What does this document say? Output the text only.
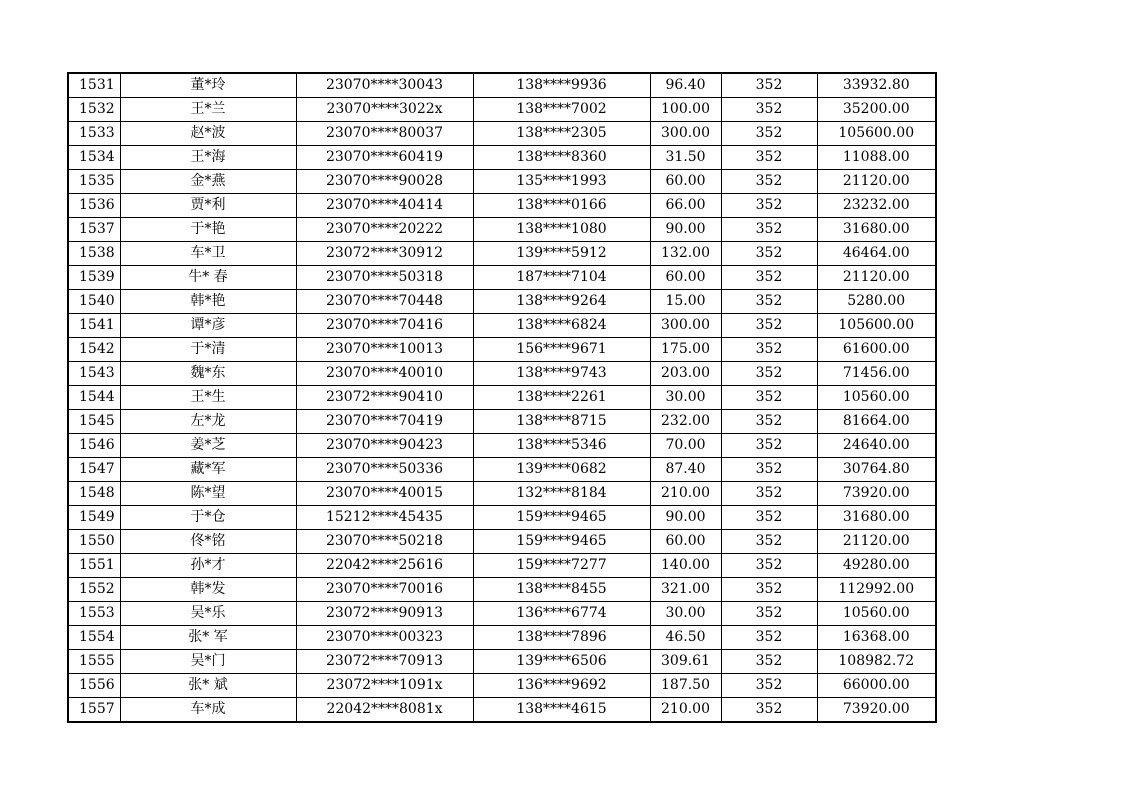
1531	董*玲	23070****30043	138****9936	96.40	352	33932.80
1532	王*兰	23070****3022x	138****7002	100.00	352	35200.00
1533	赵*波	23070****80037	138****2305	300.00	352	105600.00
1534	王*海	23070****60419	138****8360	31.50	352	11088.00
1535	金*燕	23070****90028	135****1993	60.00	352	21120.00
1536	贾*利	23070****40414	138****0166	66.00	352	23232.00
1537	于*艳	23070****20222	138****1080	90.00	352	31680.00
1538	车*卫	23072****30912	139****5912	132.00	352	46464.00
1539	牛* 春	23070****50318	187****7104	60.00	352	21120.00
1540	韩*艳	23070****70448	138****9264	15.00	352	5280.00
1541	谭*彦	23070****70416	138****6824	300.00	352	105600.00
1542	于*清	23070****10013	156****9671	175.00	352	61600.00
1543	魏*东	23070****40010	138****9743	203.00	352	71456.00
1544	王*生	23072****90410	138****2261	30.00	352	10560.00
1545	左*龙	23070****70419	138****8715	232.00	352	81664.00
1546	姜*芝	23070****90423	138****5346	70.00	352	24640.00
1547	藏*军	23070****50336	139****0682	87.40	352	30764.80
1548	陈*望	23070****40015	132****8184	210.00	352	73920.00
1549	于*仓	15212****45435	159****9465	90.00	352	31680.00
1550	佟*铭	23070****50218	159****9465	60.00	352	21120.00
1551	孙*才	22042****25616	159****7277	140.00	352	49280.00
1552	韩*发	23070****70016	138****8455	321.00	352	112992.00
1553	吴*乐	23072****90913	136****6774	30.00	352	10560.00
1554	张* 军	23070****00323	138****7896	46.50	352	16368.00
1555	吴*门	23072****70913	139****6506	309.61	352	108982.72
1556	张* 斌	23072****1091x	136****9692	187.50	352	66000.00
1557	车*成	22042****8081x	138****4615	210.00	352	73920.00
